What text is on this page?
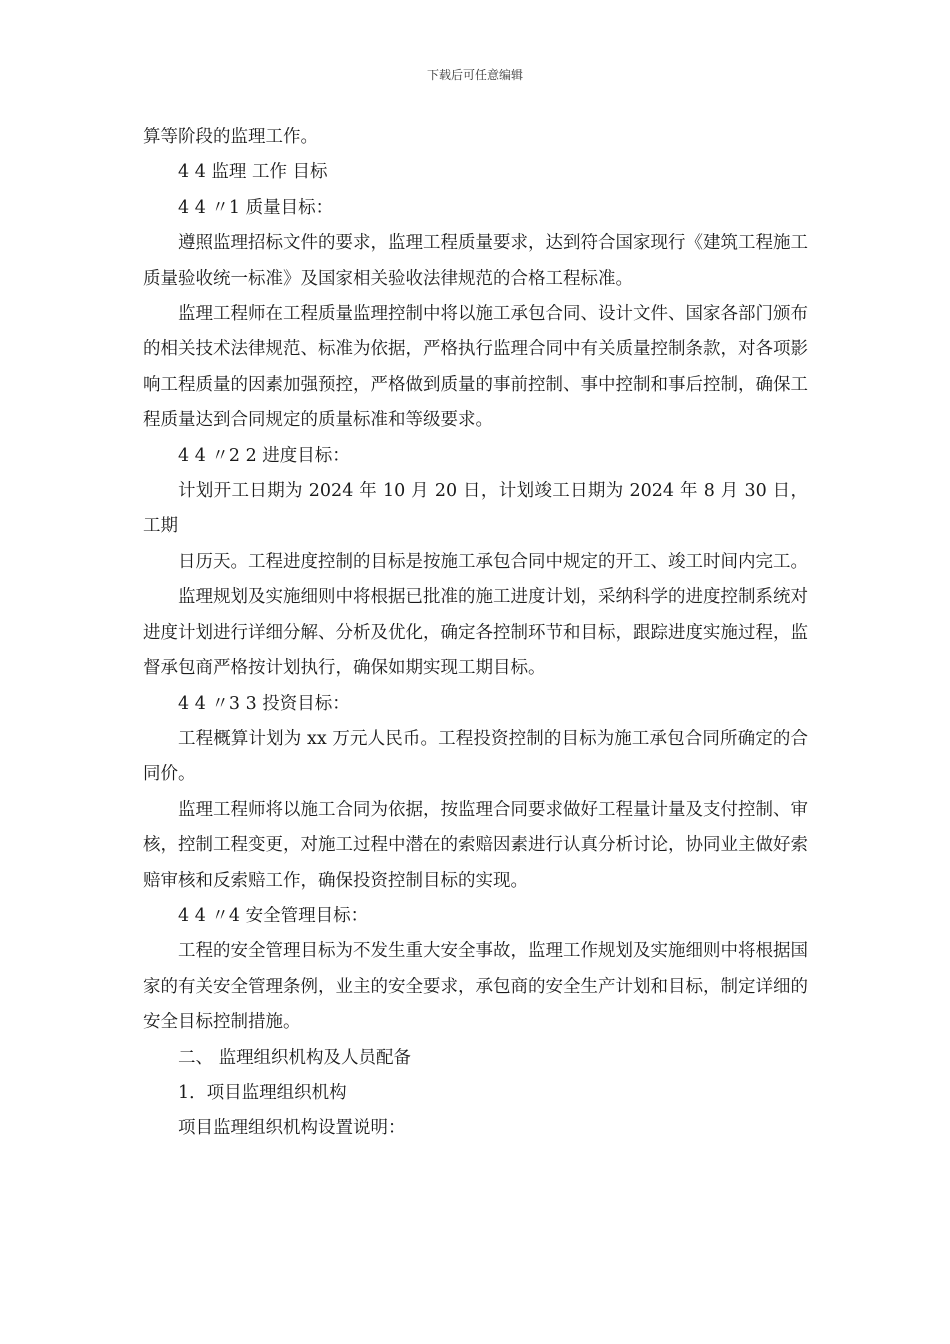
下载后可任意编辑

算等阶段的监理工作。

4 4 监理 工作 目标

4 4 〃1 质量目标：

遵照监理招标文件的要求，监理工程质量要求，达到符合国家现行《建筑工程施工质量验收统一标准》及国家相关验收法律规范的合格工程标准。

监理工程师在工程质量监理控制中将以施工承包合同、设计文件、国家各部门颁布的相关技术法律规范、标准为依据，严格执行监理合同中有关质量控制条款，对各项影响工程质量的因素加强预控，严格做到质量的事前控制、事中控制和事后控制，确保工程质量达到合同规定的质量标准和等级要求。

4 4 〃2 2 进度目标：

计划开工日期为 2024 年 10 月 20 日，计划竣工日期为 2024 年 8 月 30 日，工期

日历天。工程进度控制的目标是按施工承包合同中规定的开工、竣工时间内完工。

监理规划及实施细则中将根据已批准的施工进度计划，采纳科学的进度控制系统对进度计划进行详细分解、分析及优化，确定各控制环节和目标，跟踪进度实施过程，监督承包商严格按计划执行，确保如期实现工期目标。

4 4 〃3 3 投资目标：

工程概算计划为 xx 万元人民币。工程投资控制的目标为施工承包合同所确定的合同价。

监理工程师将以施工合同为依据，按监理合同要求做好工程量计量及支付控制、审核，控制工程变更，对施工过程中潜在的索赔因素进行认真分析讨论，协同业主做好索赔审核和反索赔工作，确保投资控制目标的实现。

4 4 〃4 安全管理目标：

工程的安全管理目标为不发生重大安全事故，监理工作规划及实施细则中将根据国家的有关安全管理条例，业主的安全要求，承包商的安全生产计划和目标，制定详细的安全目标控制措施。

二、 监理组织机构及人员配备

1．项目监理组织机构

项目监理组织机构设置说明：
